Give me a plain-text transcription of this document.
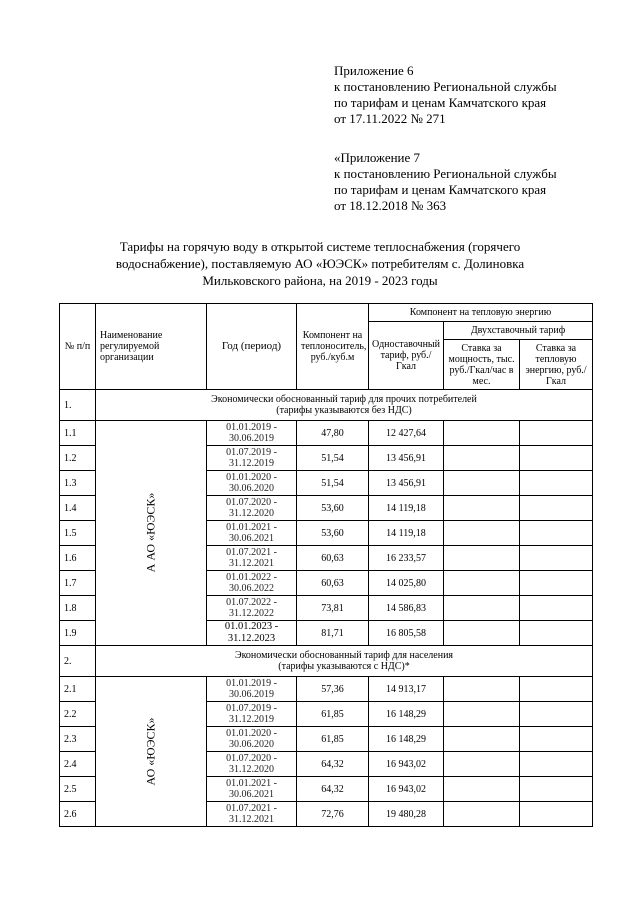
Приложение 6
к постановлению Региональной службы
по тарифам и ценам Камчатского края
от 17.11.2022 № 271
«Приложение 7
к постановлению Региональной службы
по тарифам и ценам Камчатского края
от 18.12.2018 № 363
Тарифы на горячую воду в открытой системе теплоснабжения (горячего
водоснабжение), поставляемую АО «ЮЭСК» потребителям с. Долиновка
Мильковского района, на 2019 - 2023 годы
№ п/п	Наименование регулируемой организации	Год (период)	Компонент на теплоноситель, руб./куб.м	Компонент на тепловую энергию		
				Одноставочный тариф, руб./Гкал	Двухставочный тариф	
					Ставка за мощность, тыс. руб./Гкал/час в мес.	Ставка за тепловую энергию, руб./Гкал
1.	Экономически обоснованный тариф для прочих потребителей
(тарифы указываются без НДС)					

1.1	А АО «ЮЭСК»	01.01.2019 - 30.06.2019	47,80	12 427,64		
1.2		01.07.2019 - 31.12.2019	51,54	13 456,91		
1.3		01.01.2020 - 30.06.2020	51,54	13 456,91		
1.4		01.07.2020 - 31.12.2020	53,60	14 119,18		
1.5		01.01.2021 - 30.06.2021	53,60	14 119,18		
1.6		01.07.2021 - 31.12.2021	60,63	16 233,57		
1.7		01.01.2022 - 30.06.2022	60,63	14 025,80		
1.8		01.07.2022 - 31.12.2022	73,81	14 586,83		
1.9		01.01.2023 - 31.12.2023	81,71	16 805,58		
2.	Экономически обоснованный тариф для населения
(тарифы указываются с НДС)*					

2.1	АО «ЮЭСК»	01.01.2019 - 30.06.2019	57,36	14 913,17		
2.2		01.07.2019 - 31.12.2019	61,85	16 148,29		
2.3		01.01.2020 - 30.06.2020	61,85	16 148,29		
2.4		01.07.2020 - 31.12.2020	64,32	16 943,02		
2.5		01.01.2021 - 30.06.2021	64,32	16 943,02		
2.6		01.07.2021 - 31.12.2021	72,76	19 480,28		
